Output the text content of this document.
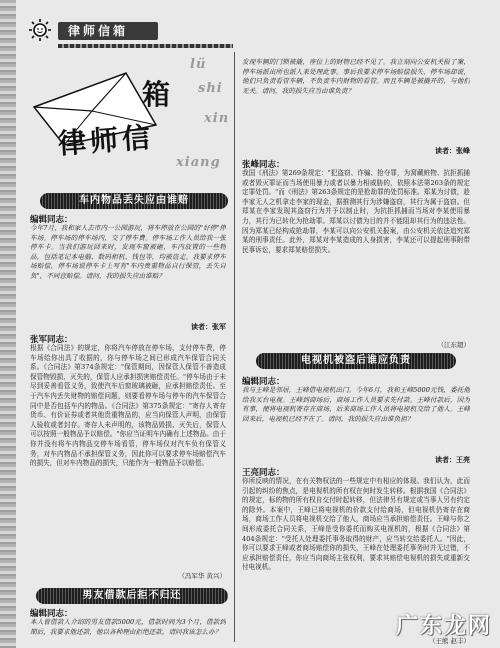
律师信箱
lü
shi
xin
xiang
箱
律师信
车内物品丢失应由谁赔
编辑同志：
今年7月，我和家人去市内一公园游玩，将车停放在公园的"好停"停车场。停车场的停车场内，交了停车费。停车场工作人员给我一张停车卡。当我们游玩回来时，发现车窗被砸，车内放置的一些物品，包括笔记本电脑、数码相机、钱包等，均被盗走。我要求停车场赔偿，停车场说停车卡上写有"车内贵重物品自行保管，丢失自负"，不同意赔偿。请问，我的损失应由谁赔？
读者：张军
张军同志：
根据《合同法》的规定，你将汽车停放在停车场，支付停车费，停车场给你出具了收据的，你与停车场之间已形成汽车保管合同关系。《合同法》第374条规定："保管期间，因保管人保管不善造成保管物毁损、灭失的，保管人应承担损害赔偿责任。"停车场由于未尽到妥善看管义务，致使汽车后窗玻璃被砸，应承担赔偿责任。至于汽车内丢失财物的赔偿问题，则要看停车场与停车的汽车保管合同中是否包括车内的物品。《合同法》第375条规定："寄存人寄存货币、有价证券或者其他贵重物品的，应当向保管人声明，由保管人验收或者封存。寄存人未声明的，该物品毁损、灭失后，保管人可以按照一般物品予以赔偿。"你应当证明车内确有上述物品。由于你并没有将车内物品交停车场看管，停车场仅对汽车负有保管义务，对车内物品不承担保管义务，因此你可以要求停车场赔偿汽车的损失，但对车内物品的损失，只能作为一般物品予以赔偿。
（冯军华 黄兴）
男友借款后拒不归还
编辑同志：
本人曾借款人介绍的男友借款5000元，借款时间为3个月，借款到期后，我要求他还款，他以各种理由拒绝还款，请问我该怎么办？
发现车辆的门锁被撬，座位上的财物已经不见了。我立刻向公安机关报了案，停车场派出所也派人来处理此事。事后我要求停车场赔偿损失，停车场却说，他们只负责看管车辆，不负责车内财物的看管。而且车辆是被撬开的，与他们无关。请问，我的损失应当由谁负责？
读者：张峰
张峰同志：
我国《刑法》第269条规定："犯盗窃、诈骗、抢夺罪，为窝藏赃物、抗拒抓捕或者毁灭罪证而当场使用暴力或者以暴力相威胁的，依照本法第263条的规定定罪处罚。"而《刑法》第263条规定的是抢劫罪的处罚标准。郑某为讨债，趁李家无人之机拿走李家的现金，据推测其行为涉嫌盗窃，其行为属于盗窃。但郑某在李家发现其盗窃行为并予以制止时，为抗拒抓捕而当场对李某使用暴力，其行为已转化为抢劫罪。郑某以讨债为目的并不能阻却其行为的违法性。因为郑某已经构成抢劫罪，李某可以向公安机关报案，由公安机关依法追究郑某的刑事责任。此外，郑某对李某造成的人身损害，李某还可以提起刑事附带民事诉讼，要求郑某赔偿损失。
（江东超）
电视机被盗后谁应负责
编辑同志：
我与王峰是邻居，王峰借电视机出门。今年6月，我和王峰5000元钱，委托他给我买台电视。王峰到商场后，商场工作人员要求先付款。王峰付款后，因为有事，便将电视机寄存在商场，后来商场工作人员将电视机交给了他人。王峰回来后，电视机已经不在了。请问，我的损失应由谁负担？
读者：王亮
王亮同志：
你所反映的情况，在有关物权法的一些规定中有相应的体现。我们认为，此而引起的纠纷的焦点，是电视机的所有权在何时发生转移。根据我国《合同法》的规定，标的物的所有权自交付时起转移，但法律另有规定或当事人另有约定的除外。本案中，王峰已将电视机的价款支付给商场，但电视机仍寄存在商场，商场工作人员将电视机交给了他人，商场应当承担赔偿责任。王峰与你之间形成委托合同关系，王峰是受你委托而购买电视机的，根据《合同法》第404条规定："受托人处理委托事务取得的财产，应当转交给委托人。"因此，你可以要求王峰或者商场赔偿你的损失，王峰在处理委托事务时并无过错，不应承担赔偿责任，你应当向商场主张权利，要求其赔偿电视机的损失或重新交付电视机。
（王熊 赵丰）
广东龙网
